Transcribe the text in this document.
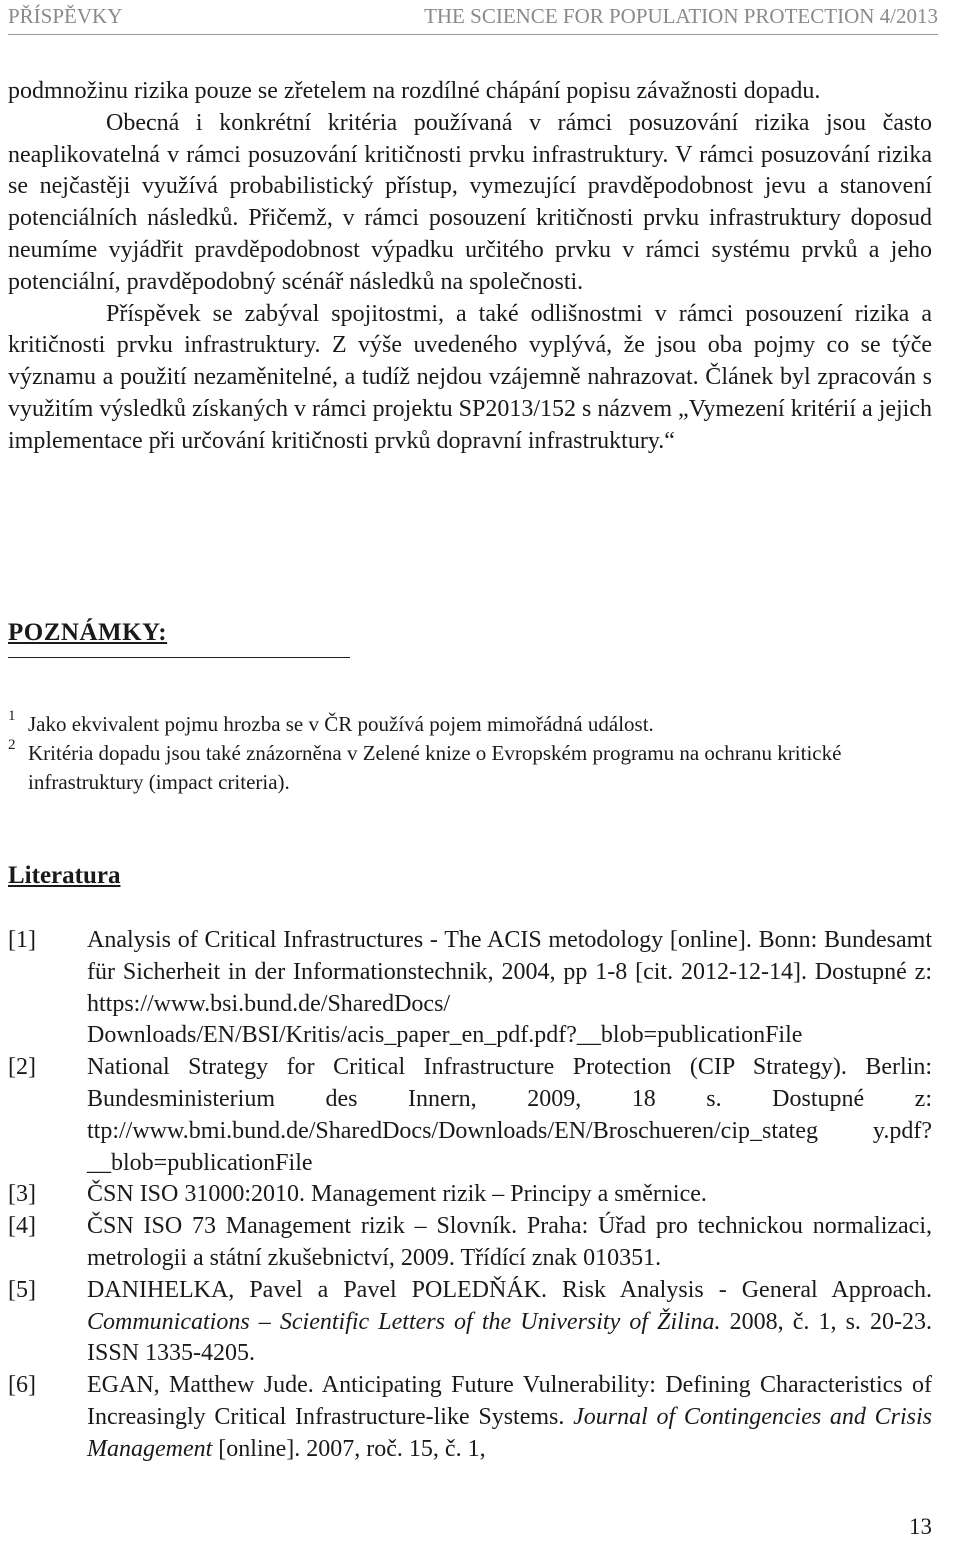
PŘÍSPĚVKY	THE SCIENCE FOR POPULATION PROTECTION 4/2013

podmnožinu rizika pouze se zřetelem na rozdílné chápání popisu závažnosti dopadu.

Obecná i konkrétní kritéria používaná v rámci posuzování rizika jsou často neaplikovatelná v rámci posuzování kritičnosti prvku infrastruktury. V rámci posuzování rizika se nejčastěji využívá probabilistický přístup, vymezující pravděpodobnost jevu a stanovení potenciálních následků. Přičemž, v rámci posouzení kritičnosti prvku infrastruktury doposud neumíme vyjádřit pravděpodobnost výpadku určitého prvku v rámci systému prvků a jeho potenciální, pravděpodobný scénář následků na společnosti.

Příspěvek se zabýval spojitostmi, a také odlišnostmi v rámci posouzení rizika a kritičnosti prvku infrastruktury. Z výše uvedeného vyplývá, že jsou oba pojmy co se týče významu a použití nezaměnitelné, a tudíž nejdou vzájemně nahrazovat. Článek byl zpracován s využitím výsledků získaných v rámci projektu SP2013/152 s názvem „Vymezení kritérií a jejich implementace při určování kritičnosti prvků dopravní infrastruktury.“

POZNÁMKY:
1 Jako ekvivalent pojmu hrozba se v ČR používá pojem mimořádná událost.
2 Kritéria dopadu jsou také znázorněna v Zelené knize o Evropském programu na ochranu kritické infrastruktury (impact criteria).
Literatura
[1] Analysis of Critical Infrastructures - The ACIS metodology [online]. Bonn: Bundesamt für Sicherheit in der Informationstechnik, 2004, pp 1-8 [cit. 2012-12-14]. Dostupné z: https://www.bsi.bund.de/SharedDocs/ Downloads/EN/BSI/Kritis/acis_paper_en_pdf.pdf?__blob=publicationFile
[2] National Strategy for Critical Infrastructure Protection (CIP Strategy). Berlin: Bundesministerium des Innern, 2009, 18 s. Dostupné z: ttp://www.bmi.bund.de/SharedDocs/Downloads/EN/Broschueren/cip_stateg y.pdf?__blob=publicationFile
[3] ČSN ISO 31000:2010. Management rizik – Principy a směrnice.
[4] ČSN ISO 73 Management rizik – Slovník. Praha: Úřad pro technickou normalizaci, metrologii a státní zkušebnictví, 2009. Třídící znak 010351.
[5] DANIHELKA, Pavel a Pavel POLEDŇÁK. Risk Analysis - General Approach. Communications – Scientific Letters of the University of Žilina. 2008, č. 1, s. 20-23. ISSN 1335-4205.
[6] EGAN, Matthew Jude. Anticipating Future Vulnerability: Defining Characteristics of Increasingly Critical Infrastructure-like Systems. Journal of Contingencies and Crisis Management [online]. 2007, roč. 15, č. 1,
13
